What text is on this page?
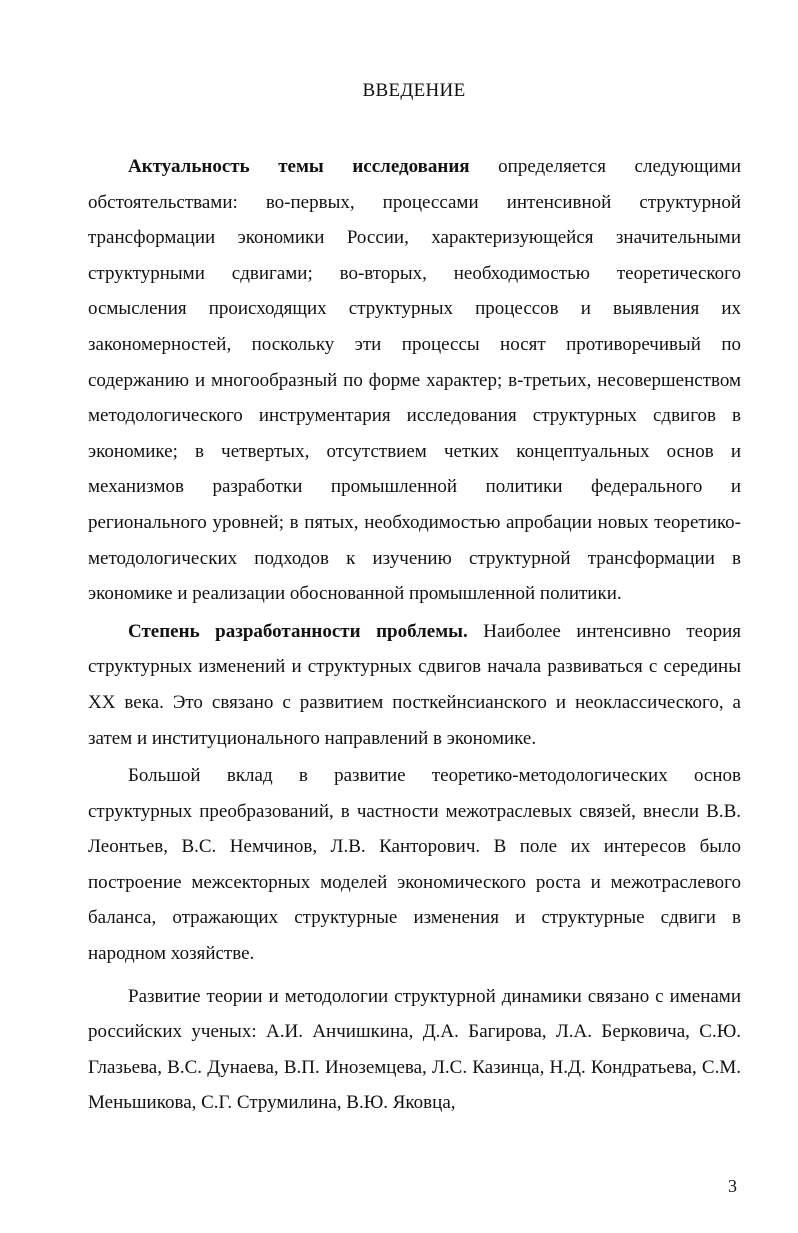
ВВЕДЕНИЕ

Актуальность темы исследования определяется следующими обстоятельствами: во-первых, процессами интенсивной структурной трансформации экономики России, характеризующейся значительными структурными сдвигами; во-вторых, необходимостью теоретического осмысления происходящих структурных процессов и выявления их закономерностей, поскольку эти процессы носят противоречивый по содержанию и многообразный по форме характер; в-третьих, несовершенством методологического инструментария исследования структурных сдвигов в экономике; в четвертых, отсутствием четких концептуальных основ и механизмов разработки промышленной политики федерального и регионального уровней; в пятых, необходимостью апробации новых теоретико-методологических подходов к изучению структурной трансформации в экономике и реализации обоснованной промышленной политики.

Степень разработанности проблемы. Наиболее интенсивно теория структурных изменений и структурных сдвигов начала развиваться с середины XX века. Это связано с развитием посткейнсианского и неоклассического, а затем и институционального направлений в экономике.

Большой вклад в развитие теоретико-методологических основ структурных преобразований, в частности межотраслевых связей, внесли В.В. Леонтьев, В.С. Немчинов, Л.В. Канторович. В поле их интересов было построение межсекторных моделей экономического роста и межотраслевого баланса, отражающих структурные изменения и структурные сдвиги в народном хозяйстве.

Развитие теории и методологии структурной динамики связано с именами российских ученых: А.И. Анчишкина, Д.А. Багирова, Л.А. Берковича, С.Ю. Глазьева, В.С. Дунаева, В.П. Иноземцева, Л.С. Казинца, Н.Д. Кондратьева, С.М. Меньшикова, С.Г. Струмилина, В.Ю. Яковца,

3
